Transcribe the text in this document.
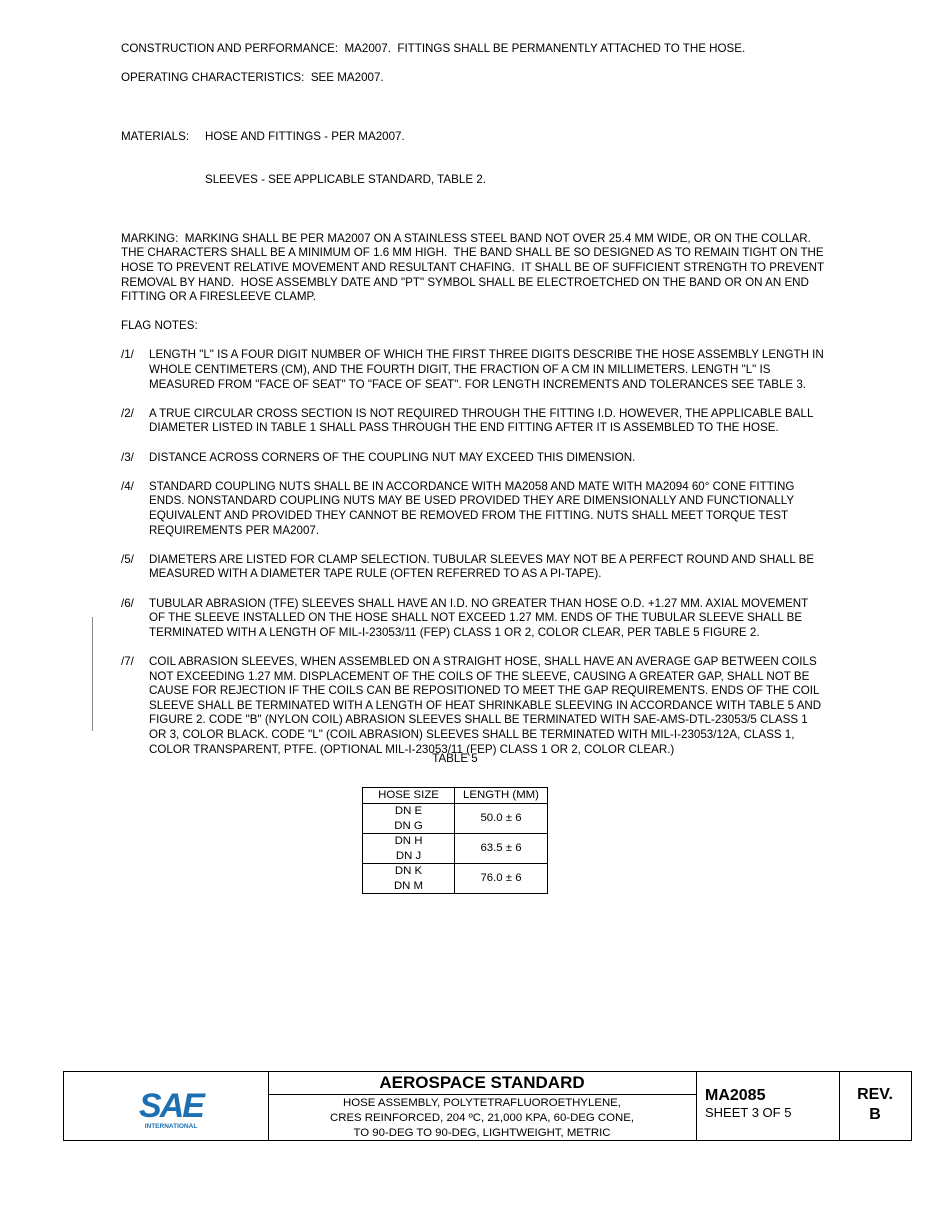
CONSTRUCTION AND PERFORMANCE:  MA2007.  FITTINGS SHALL BE PERMANENTLY ATTACHED TO THE HOSE.

OPERATING CHARACTERISTICS:  SEE MA2007.

MATERIALS:	HOSE AND FITTINGS - PER MA2007.

SLEEVES - SEE APPLICABLE STANDARD, TABLE 2.

MARKING:  MARKING SHALL BE PER MA2007 ON A STAINLESS STEEL BAND NOT OVER 25.4 MM WIDE, OR ON THE COLLAR.  THE CHARACTERS SHALL BE A MINIMUM OF 1.6 MM HIGH.  THE BAND SHALL BE SO DESIGNED AS TO REMAIN TIGHT ON THE HOSE TO PREVENT RELATIVE MOVEMENT AND RESULTANT CHAFING.  IT SHALL BE OF SUFFICIENT STRENGTH TO PREVENT REMOVAL BY HAND.  HOSE ASSEMBLY DATE AND "PT" SYMBOL SHALL BE ELECTROETCHED ON THE BAND OR ON AN END FITTING OR A FIRESLEEVE CLAMP.

FLAG NOTES:

/1/	LENGTH "L" IS A FOUR DIGIT NUMBER OF WHICH THE FIRST THREE DIGITS DESCRIBE THE HOSE ASSEMBLY LENGTH IN WHOLE CENTIMETERS (CM), AND THE FOURTH DIGIT, THE FRACTION OF A CM IN MILLIMETERS. LENGTH "L" IS MEASURED FROM "FACE OF SEAT" TO "FACE OF SEAT". FOR LENGTH INCREMENTS AND TOLERANCES SEE TABLE 3.
/2/	A TRUE CIRCULAR CROSS SECTION IS NOT REQUIRED THROUGH THE FITTING I.D. HOWEVER, THE APPLICABLE BALL DIAMETER LISTED IN TABLE 1 SHALL PASS THROUGH THE END FITTING AFTER IT IS ASSEMBLED TO THE HOSE.
/3/	DISTANCE ACROSS CORNERS OF THE COUPLING NUT MAY EXCEED THIS DIMENSION.
/4/	STANDARD COUPLING NUTS SHALL BE IN ACCORDANCE WITH MA2058 AND MATE WITH MA2094 60° CONE FITTING ENDS. NONSTANDARD COUPLING NUTS MAY BE USED PROVIDED THEY ARE DIMENSIONALLY AND FUNCTIONALLY EQUIVALENT AND PROVIDED THEY CANNOT BE REMOVED FROM THE FITTING. NUTS SHALL MEET TORQUE TEST REQUIREMENTS PER MA2007.
/5/	DIAMETERS ARE LISTED FOR CLAMP SELECTION. TUBULAR SLEEVES MAY NOT BE A PERFECT ROUND AND SHALL BE MEASURED WITH A DIAMETER TAPE RULE (OFTEN REFERRED TO AS A PI-TAPE).
/6/	TUBULAR ABRASION (TFE) SLEEVES SHALL HAVE AN I.D. NO GREATER THAN HOSE O.D. +1.27 MM. AXIAL MOVEMENT OF THE SLEEVE INSTALLED ON THE HOSE SHALL NOT EXCEED 1.27 MM. ENDS OF THE TUBULAR SLEEVE SHALL BE TERMINATED WITH A LENGTH OF MIL-I-23053/11 (FEP) CLASS 1 OR 2, COLOR CLEAR, PER TABLE 5 FIGURE 2.
/7/	COIL ABRASION SLEEVES, WHEN ASSEMBLED ON A STRAIGHT HOSE, SHALL HAVE AN AVERAGE GAP BETWEEN COILS NOT EXCEEDING 1.27 MM. DISPLACEMENT OF THE COILS OF THE SLEEVE, CAUSING A GREATER GAP, SHALL NOT BE CAUSE FOR REJECTION IF THE COILS CAN BE REPOSITIONED TO MEET THE GAP REQUIREMENTS. ENDS OF THE COIL SLEEVE SHALL BE TERMINATED WITH A LENGTH OF HEAT SHRINKABLE SLEEVING IN ACCORDANCE WITH TABLE 5 AND FIGURE 2. CODE "B" (NYLON COIL) ABRASION SLEEVES SHALL BE TERMINATED WITH SAE-AMS-DTL-23053/5 CLASS 1 OR 3, COLOR BLACK. CODE "L" (COIL ABRASION) SLEEVES SHALL BE TERMINATED WITH MIL-I-23053/12A, CLASS 1, COLOR TRANSPARENT, PTFE. (OPTIONAL MIL-I-23053/11 (FEP) CLASS 1 OR 2, COLOR CLEAR.)
TABLE 5
HOSE SIZE	LENGTH (MM)

DN E
DN G	50.0 ± 6

DN H
DN J	63.5 ± 6

DN K
DN M	76.0 ± 6
SAE
INTERNATIONAL
AEROSPACE STANDARD
HOSE ASSEMBLY, POLYTETRAFLUOROETHYLENE,
CRES REINFORCED, 204 ºC, 21,000 KPA, 60-DEG CONE,
TO 90-DEG TO 90-DEG, LIGHTWEIGHT, METRIC
MA2085
SHEET 3 OF 5
REV.
B
